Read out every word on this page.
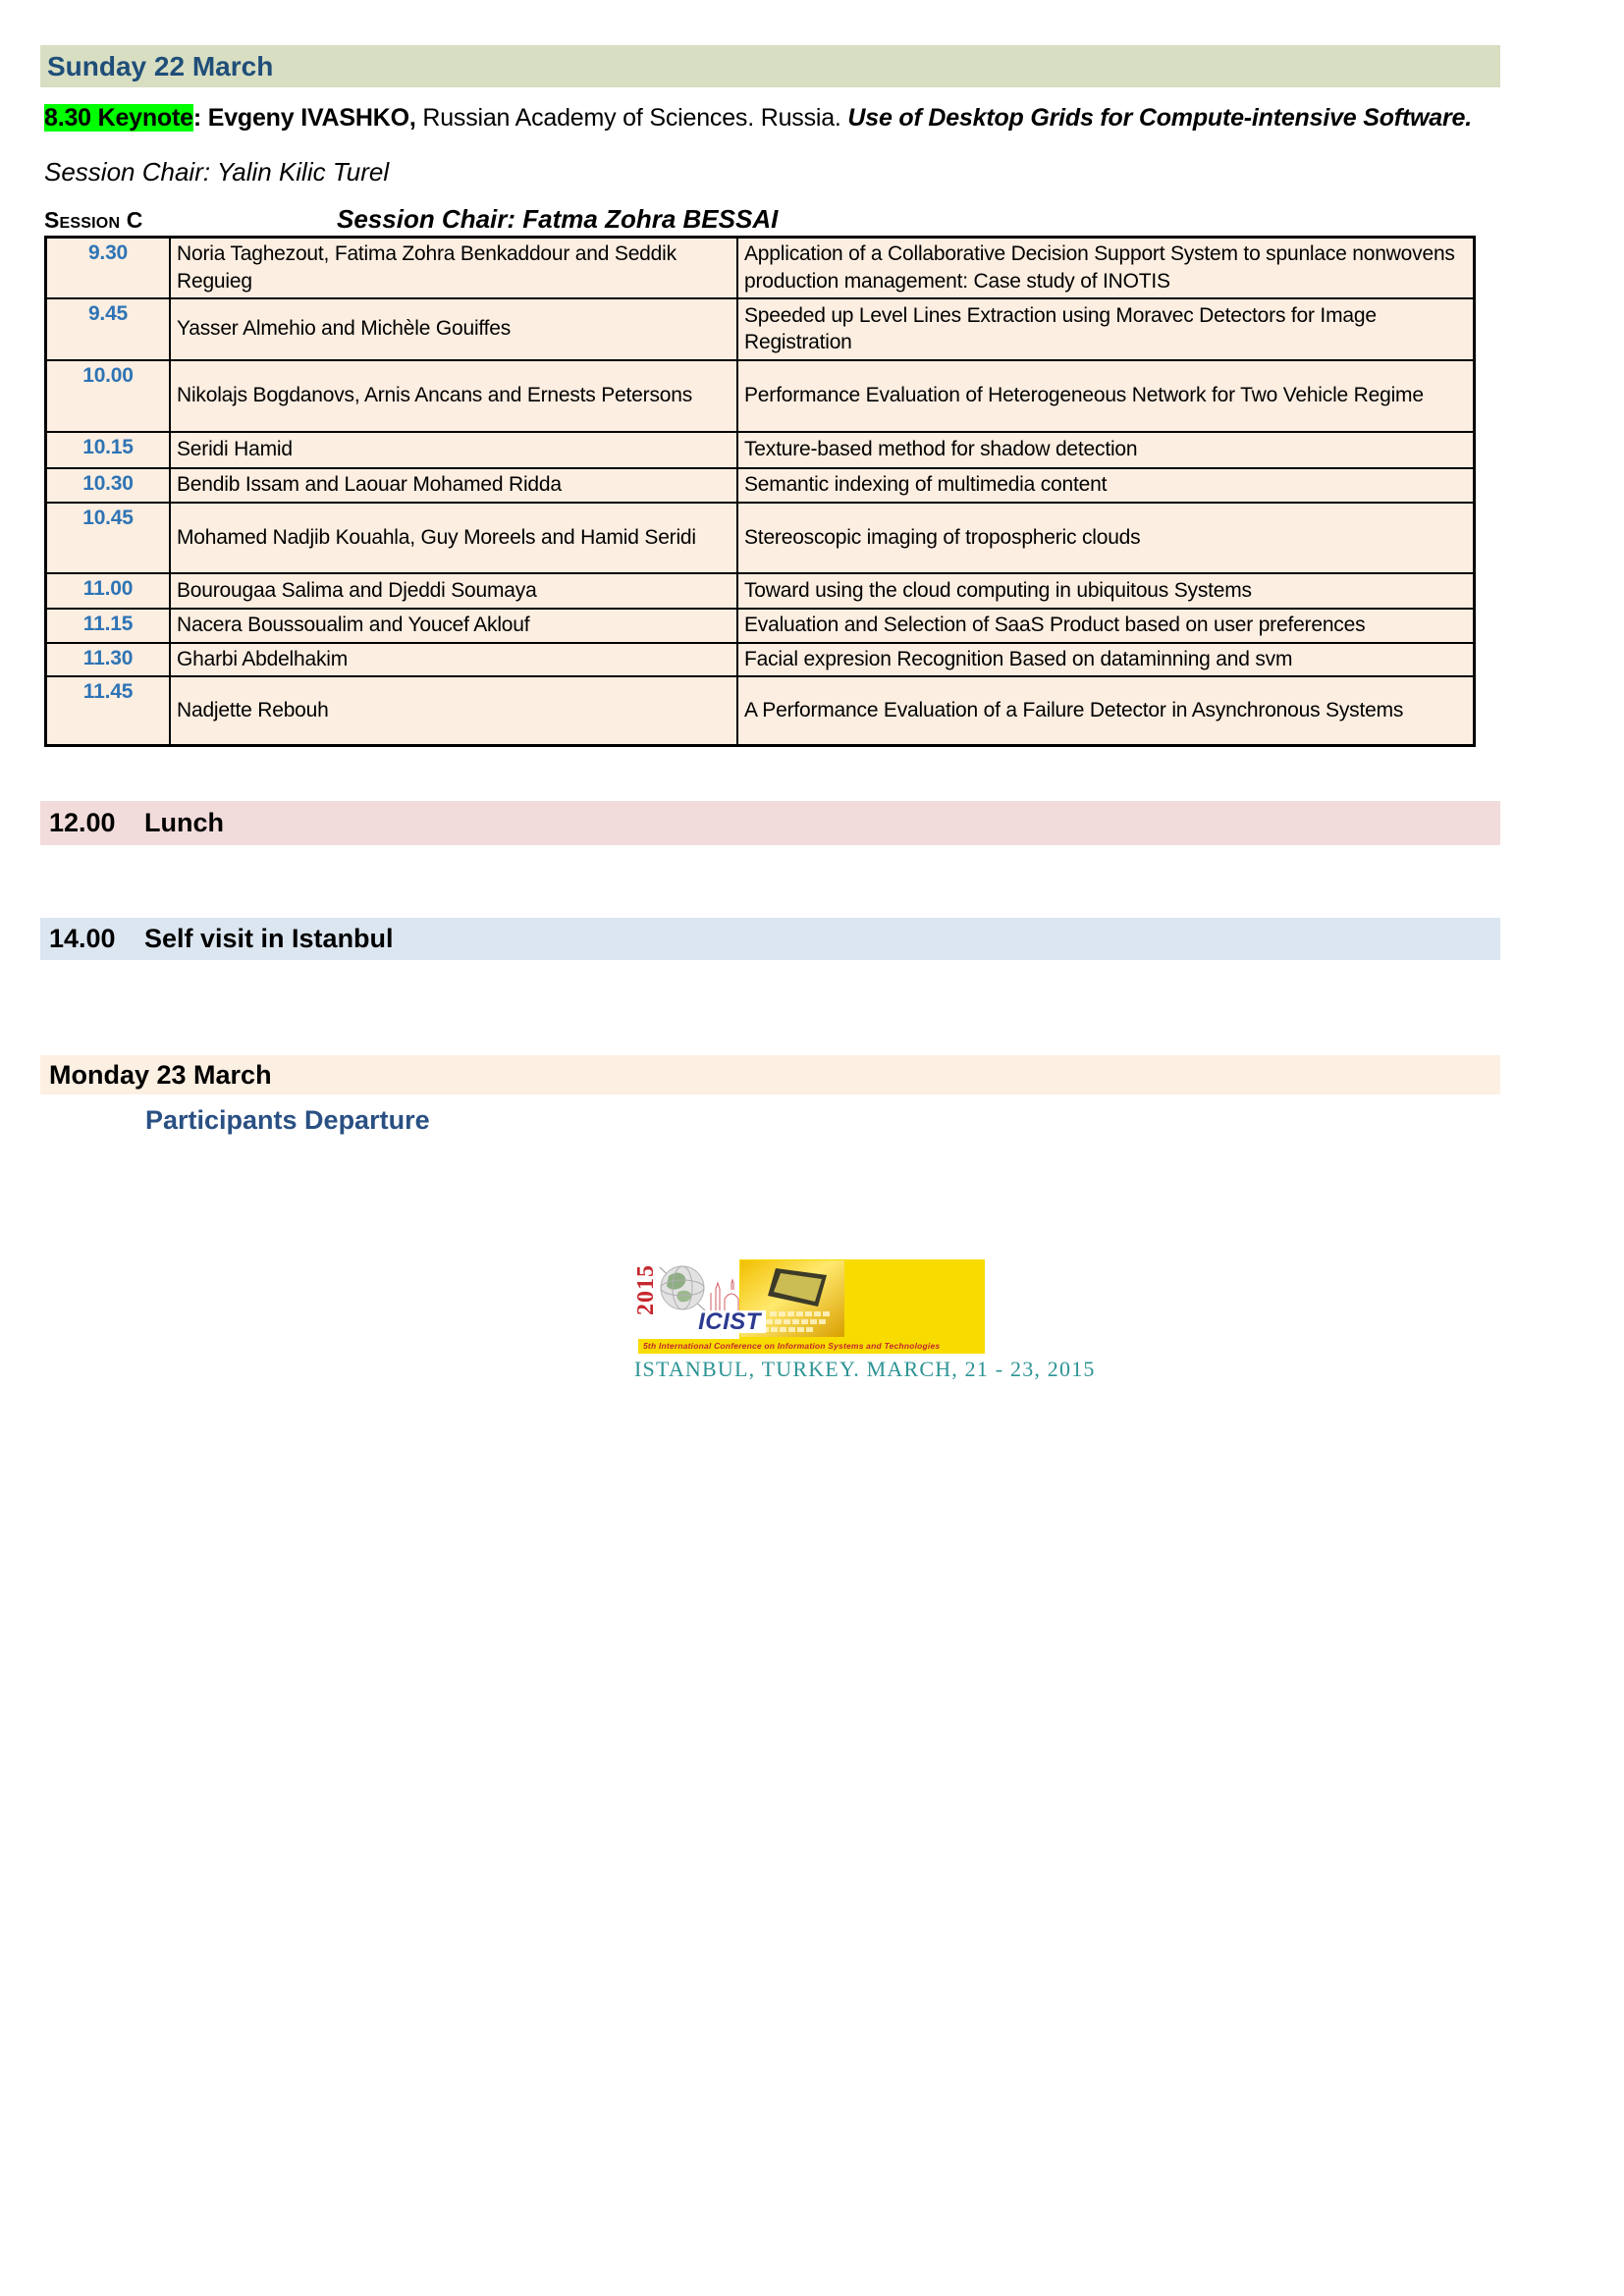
Sunday 22 March
8.30 Keynote: Evgeny IVASHKO, Russian Academy of Sciences. Russia. Use of Desktop Grids for Compute-intensive Software.
Session Chair: Yalin Kilic Turel
Session C	Session Chair: Fatma Zohra BESSAI
9.30	Noria Taghezout, Fatima Zohra Benkaddour and Seddik Reguieg	Application of a Collaborative Decision Support System to spunlace nonwovens production management: Case study of INOTIS
9.45	Yasser Almehio and Michèle Gouiffes	Speeded up Level Lines Extraction using Moravec Detectors for Image Registration
10.00	Nikolajs Bogdanovs, Arnis Ancans and Ernests Petersons	Performance Evaluation of Heterogeneous Network for Two Vehicle Regime
10.15	Seridi Hamid	Texture-based method for shadow detection
10.30	Bendib Issam and Laouar Mohamed Ridda	Semantic indexing of multimedia content
10.45	Mohamed Nadjib Kouahla, Guy Moreels and Hamid Seridi	Stereoscopic imaging of tropospheric clouds
11.00	Bourougaa Salima and Djeddi Soumaya	Toward using the cloud computing in ubiquitous Systems
11.15	Nacera Boussoualim and Youcef Aklouf	Evaluation and Selection of SaaS Product based on user preferences
11.30	Gharbi Abdelhakim	Facial expresion Recognition Based on dataminning and svm
11.45	Nadjette Rebouh	A Performance Evaluation of a Failure Detector in Asynchronous Systems
12.00	Lunch
14.00	Self visit in Istanbul
Monday 23 March
Participants Departure
2015
ICIST
5th International Conference on Information Systems and Technologies
ISTANBUL, TURKEY. MARCH, 21 - 23, 2015
